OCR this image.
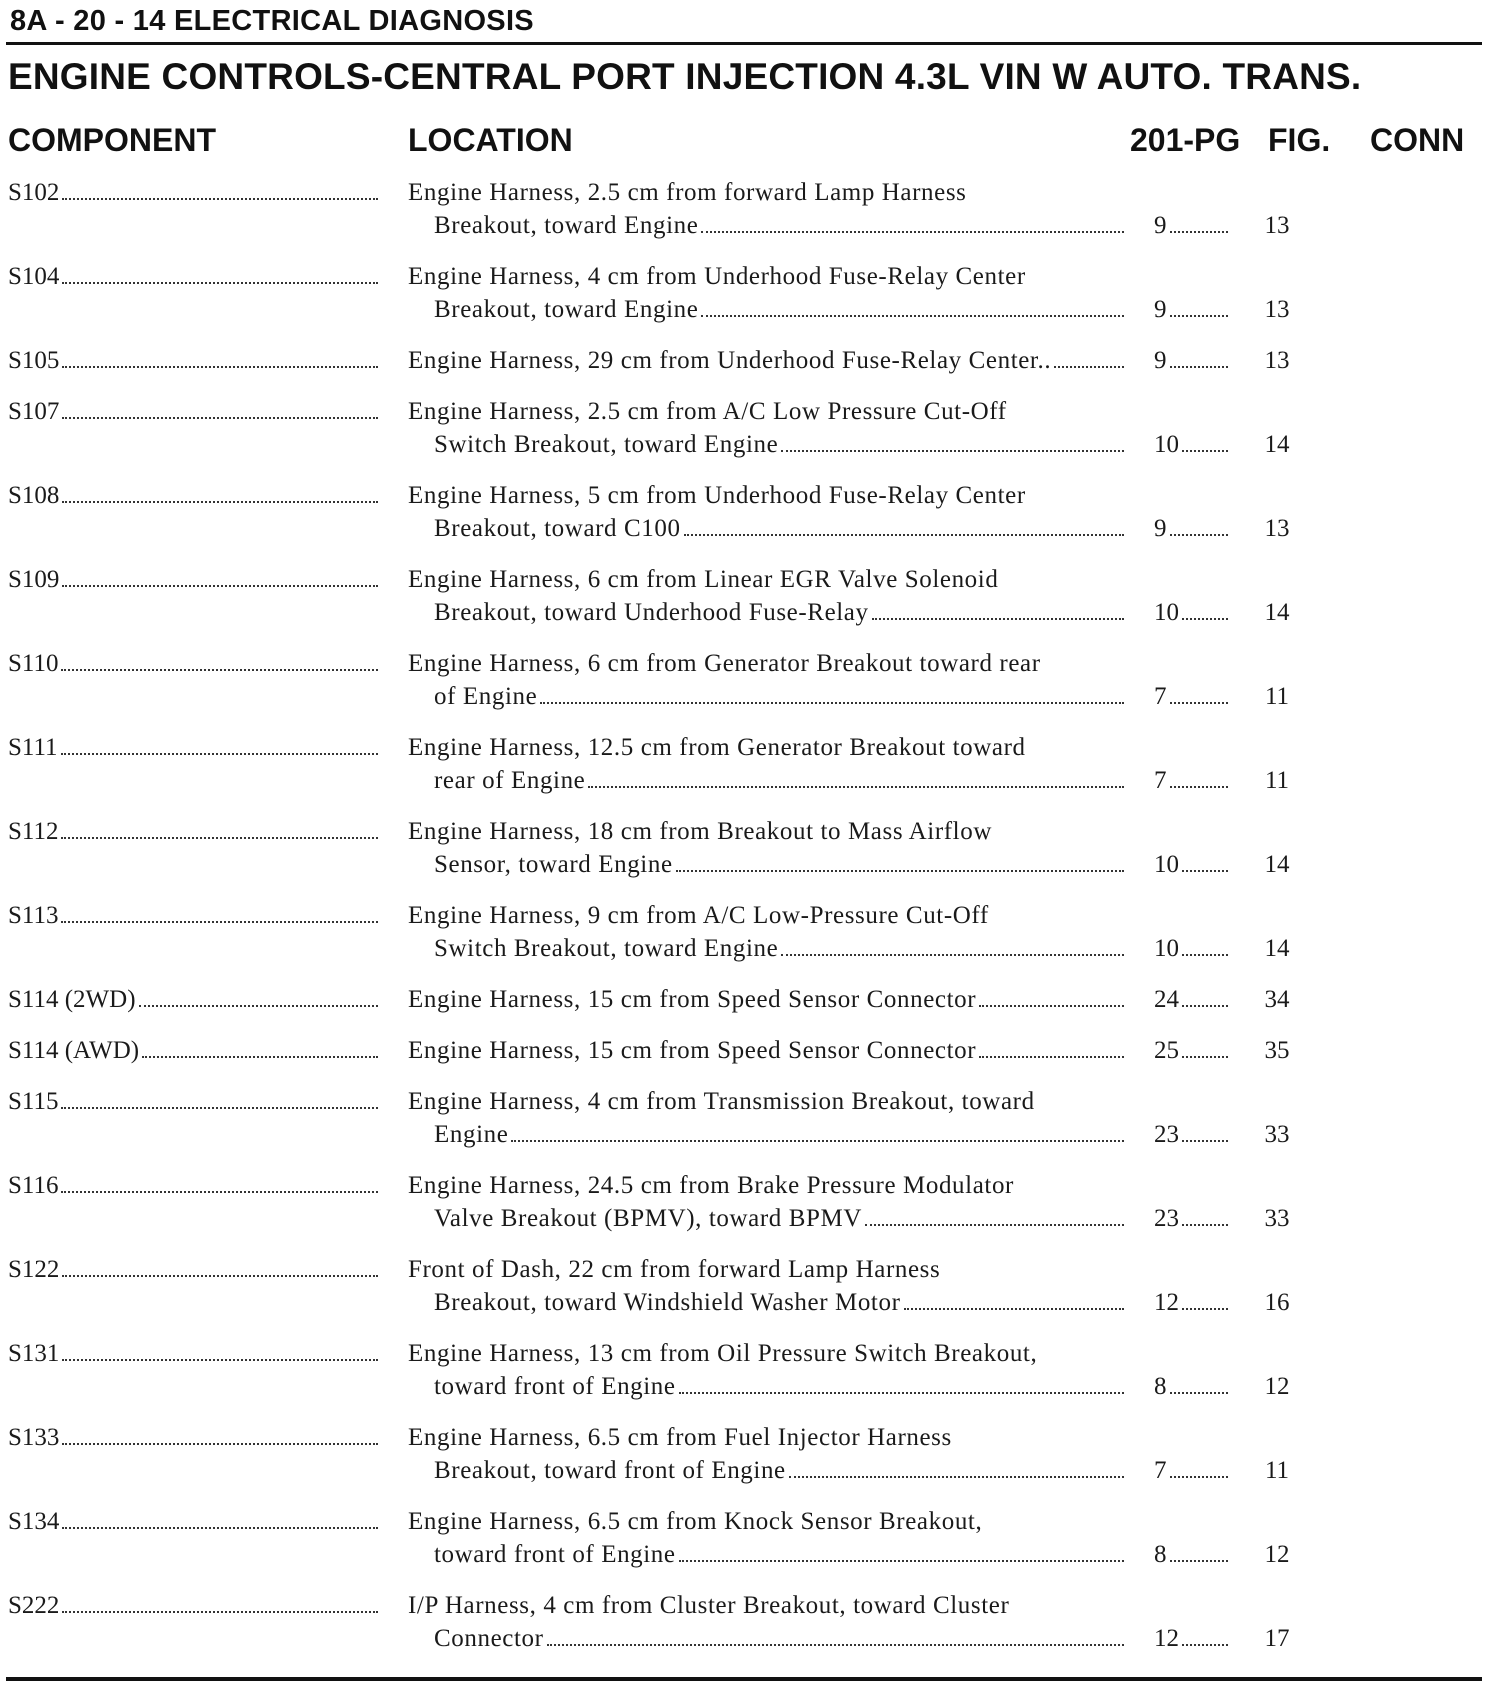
8A - 20 - 14 ELECTRICAL DIAGNOSIS
ENGINE CONTROLS-CENTRAL PORT INJECTION 4.3L VIN W AUTO. TRANS.
COMPONENT	LOCATION	201-PG FIG. CONN
S102	Engine Harness, 2.5 cm from forward Lamp Harness
Breakout, toward Engine	9	13
S104	Engine Harness, 4 cm from Underhood Fuse-Relay Center
Breakout, toward Engine	9	13
S105	Engine Harness, 29 cm from Underhood Fuse-Relay Center..	9	13
S107	Engine Harness, 2.5 cm from A/C Low Pressure Cut-Off
Switch Breakout, toward Engine	10	14
S108	Engine Harness, 5 cm from Underhood Fuse-Relay Center
Breakout, toward C100	9	13
S109	Engine Harness, 6 cm from Linear EGR Valve Solenoid
Breakout, toward Underhood Fuse-Relay	10	14
S110	Engine Harness, 6 cm from Generator Breakout toward rear
of Engine	7	11
S111	Engine Harness, 12.5 cm from Generator Breakout toward
rear of Engine	7	11
S112	Engine Harness, 18 cm from Breakout to Mass Airflow
Sensor, toward Engine	10	14
S113	Engine Harness, 9 cm from A/C Low-Pressure Cut-Off
Switch Breakout, toward Engine	10	14
S114 (2WD)	Engine Harness, 15 cm from Speed Sensor Connector	24	34
S114 (AWD)	Engine Harness, 15 cm from Speed Sensor Connector	25	35
S115	Engine Harness, 4 cm from Transmission Breakout, toward
Engine	23	33
S116	Engine Harness, 24.5 cm from Brake Pressure Modulator
Valve Breakout (BPMV), toward BPMV	23	33
S122	Front of Dash, 22 cm from forward Lamp Harness
Breakout, toward Windshield Washer Motor	12	16
S131	Engine Harness, 13 cm from Oil Pressure Switch Breakout,
toward front of Engine	8	12
S133	Engine Harness, 6.5 cm from Fuel Injector Harness
Breakout, toward front of Engine	7	11
S134	Engine Harness, 6.5 cm from Knock Sensor Breakout,
toward front of Engine	8	12
S222	I/P Harness, 4 cm from Cluster Breakout, toward Cluster
Connector	12	17
